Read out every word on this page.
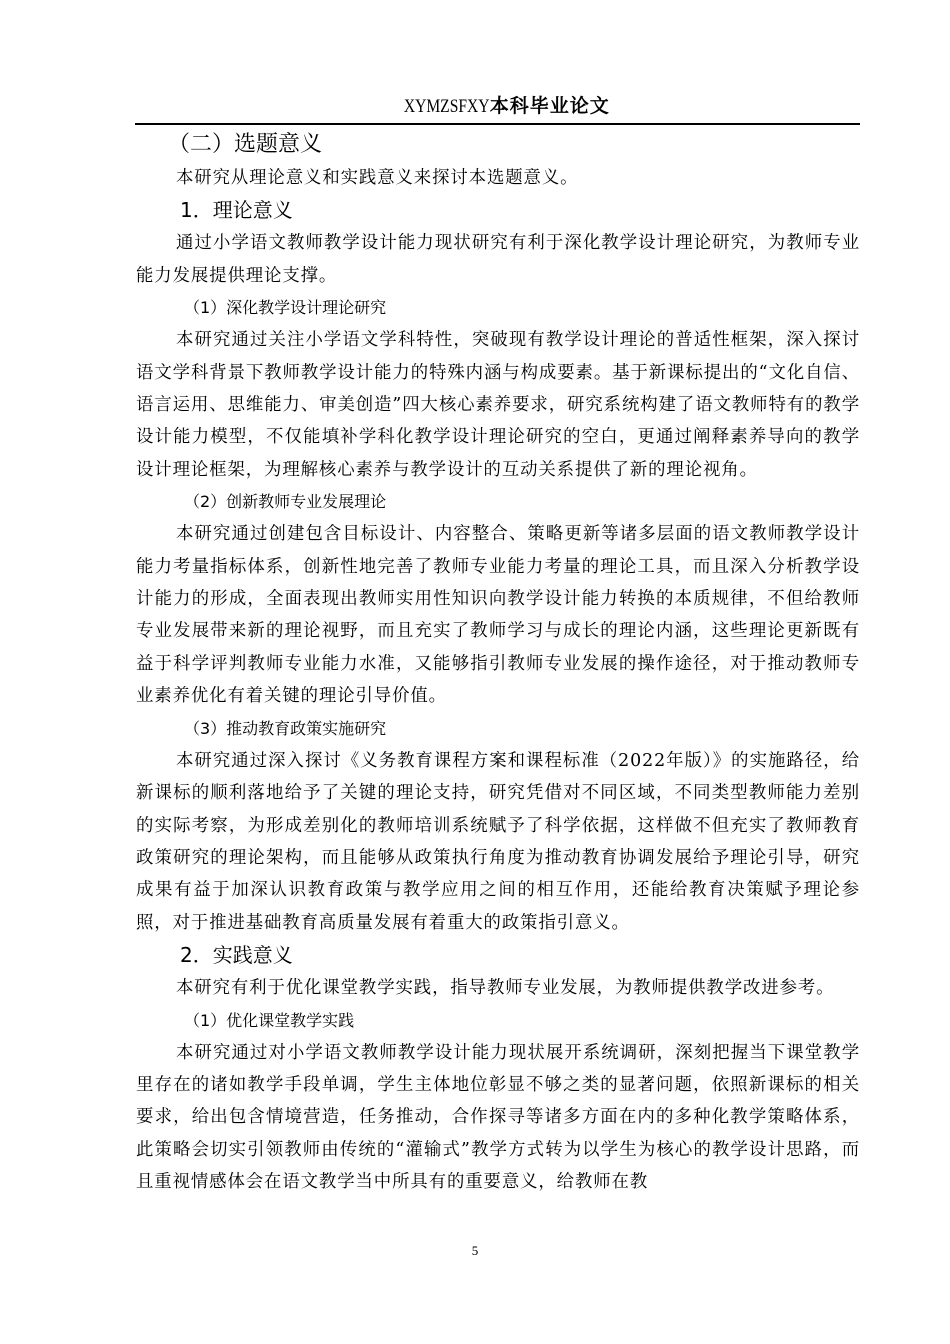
XYMZSFXY本科毕业论文
（二）选题意义

本研究从理论意义和实践意义来探讨本选题意义。

1．理论意义

通过小学语文教师教学设计能力现状研究有利于深化教学设计理论研究，为教师专业能力发展提供理论支撑。

（1）深化教学设计理论研究

本研究通过关注小学语文学科特性，突破现有教学设计理论的普适性框架，深入探讨语文学科背景下教师教学设计能力的特殊内涵与构成要素。基于新课标提出的“文化自信、语言运用、思维能力、审美创造”四大核心素养要求，研究系统构建了语文教师特有的教学设计能力模型，不仅能填补学科化教学设计理论研究的空白，更通过阐释素养导向的教学设计理论框架，为理解核心素养与教学设计的互动关系提供了新的理论视角。

（2）创新教师专业发展理论

本研究通过创建包含目标设计、内容整合、策略更新等诸多层面的语文教师教学设计能力考量指标体系，创新性地完善了教师专业能力考量的理论工具，而且深入分析教学设计能力的形成，全面表现出教师实用性知识向教学设计能力转换的本质规律，不但给教师专业发展带来新的理论视野，而且充实了教师学习与成长的理论内涵，这些理论更新既有益于科学评判教师专业能力水准，又能够指引教师专业发展的操作途径，对于推动教师专业素养优化有着关键的理论引导价值。

（3）推动教育政策实施研究

本研究通过深入探讨《义务教育课程方案和课程标准（2022年版）》的实施路径，给新课标的顺利落地给予了关键的理论支持，研究凭借对不同区域，不同类型教师能力差别的实际考察，为形成差别化的教师培训系统赋予了科学依据，这样做不但充实了教师教育政策研究的理论架构，而且能够从政策执行角度为推动教育协调发展给予理论引导，研究成果有益于加深认识教育政策与教学应用之间的相互作用，还能给教育决策赋予理论参照，对于推进基础教育高质量发展有着重大的政策指引意义。

2．实践意义

本研究有利于优化课堂教学实践，指导教师专业发展，为教师提供教学改进参考。

（1）优化课堂教学实践

本研究通过对小学语文教师教学设计能力现状展开系统调研，深刻把握当下课堂教学里存在的诸如教学手段单调，学生主体地位彰显不够之类的显著问题，依照新课标的相关要求，给出包含情境营造，任务推动，合作探寻等诸多方面在内的多种化教学策略体系，此策略会切实引领教师由传统的“灌输式”教学方式转为以学生为核心的教学设计思路，而且重视情感体会在语文教学当中所具有的重要意义，给教师在教

5
